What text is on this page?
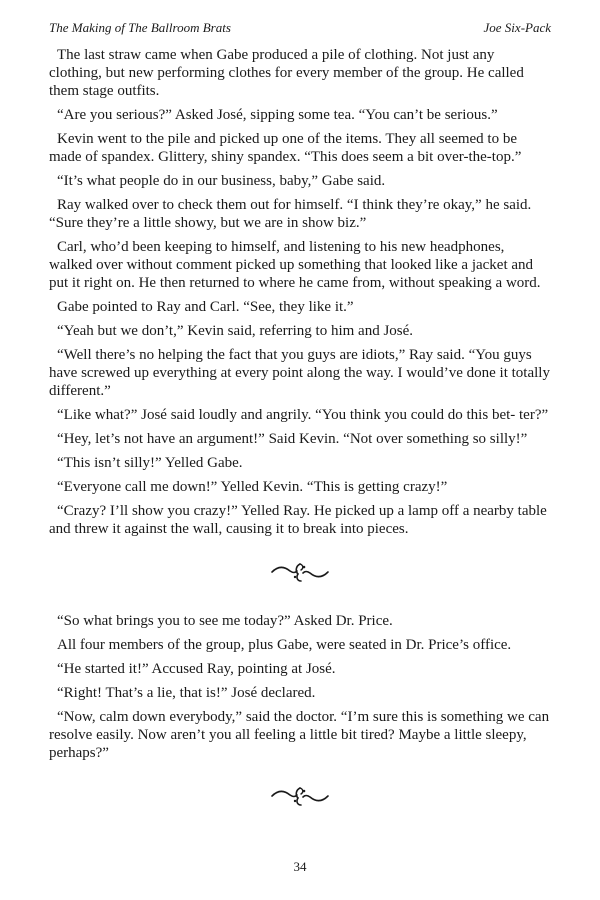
The Making of The Ballroom Brats	Joe Six-Pack

The last straw came when Gabe produced a pile of clothing. Not just any clothing, but new performing clothes for every member of the group. He called them stage outfits.

“Are you serious?” Asked José, sipping some tea. “You can’t be serious.”

Kevin went to the pile and picked up one of the items. They all seemed to be made of spandex. Glittery, shiny spandex. “This does seem a bit over-the-top.”

“It’s what people do in our business, baby,” Gabe said.

Ray walked over to check them out for himself. “I think they’re okay,” he said. “Sure they’re a little showy, but we are in show biz.”

Carl, who’d been keeping to himself, and listening to his new headphones, walked over without comment picked up something that looked like a jacket and put it right on. He then returned to where he came from, without speaking a word.

Gabe pointed to Ray and Carl. “See, they like it.”

“Yeah but we don’t,” Kevin said, referring to him and José.

“Well there’s no helping the fact that you guys are idiots,” Ray said. “You guys have screwed up everything at every point along the way. I would’ve done it totally different.”

“Like what?” José said loudly and angrily. “You think you could do this bet- ter?”

“Hey, let’s not have an argument!” Said Kevin. “Not over something so silly!”

“This isn’t silly!” Yelled Gabe.

“Everyone call me down!” Yelled Kevin. “This is getting crazy!”

“Crazy? I’ll show you crazy!” Yelled Ray. He picked up a lamp off a nearby table and threw it against the wall, causing it to break into pieces.

“So what brings you to see me today?” Asked Dr. Price.

All four members of the group, plus Gabe, were seated in Dr. Price’s office.

“He started it!” Accused Ray, pointing at José.

“Right! That’s a lie, that is!” José declared.

“Now, calm down everybody,” said the doctor. “I’m sure this is something we can resolve easily. Now aren’t you all feeling a little bit tired? Maybe a little sleepy, perhaps?”

34
